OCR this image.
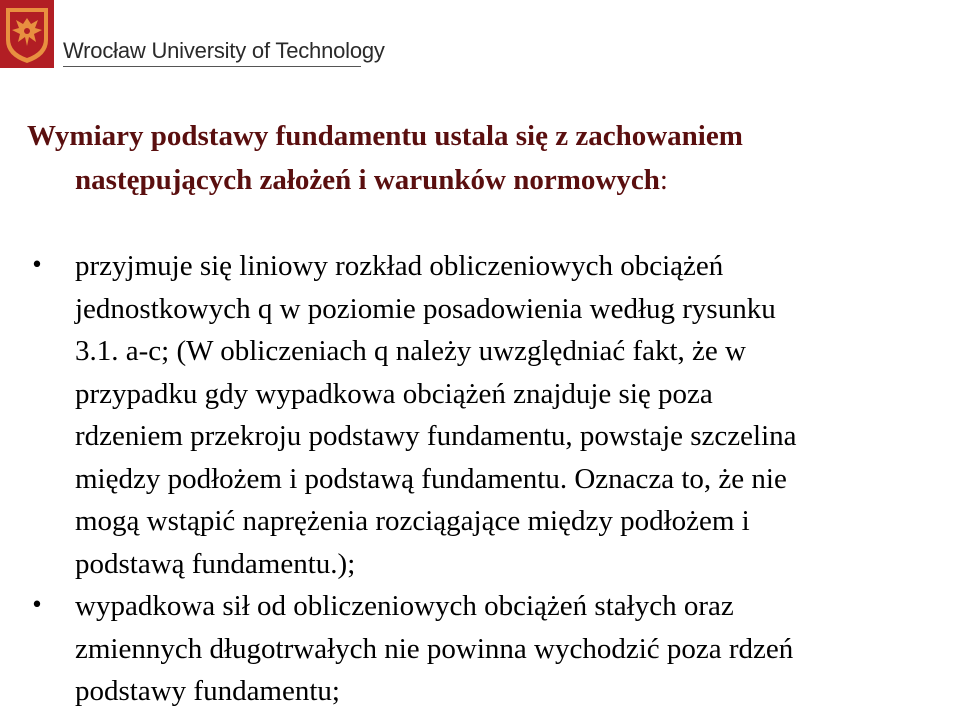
Wrocław University of Technology
Wymiary podstawy fundamentu ustala się z zachowaniem
następujących założeń i warunków normowych:
•	przyjmuje się liniowy rozkład obliczeniowych obciążeń
jednostkowych q w poziomie posadowienia według rysunku
3.1. a-c; (W obliczeniach q należy uwzględniać fakt, że w
przypadku gdy wypadkowa obciążeń znajduje się poza
rdzeniem przekroju podstawy fundamentu, powstaje szczelina
między podłożem i podstawą fundamentu. Oznacza to, że nie
mogą wstąpić naprężenia rozciągające między podłożem i
podstawą fundamentu.);
•	wypadkowa sił od obliczeniowych obciążeń stałych oraz
zmiennych długotrwałych nie powinna wychodzić poza rdzeń
podstawy fundamentu;
